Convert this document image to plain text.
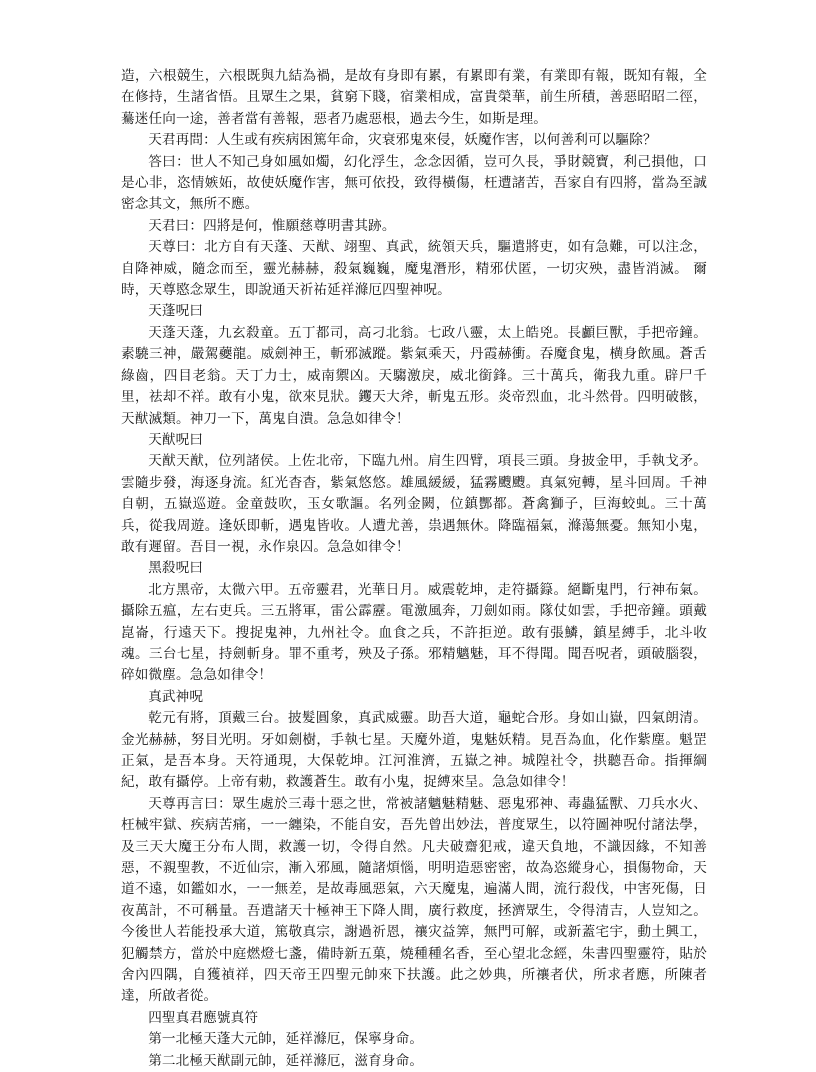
造，六根競生，六根既與九結為禍，是故有身即有累，有累即有業，有業即有報，既知有報，全在修持，生諸省悟。且眾生之果，貧窮下賤，宿業相成，富貴榮華，前生所積，善惡昭昭二徑，驀迷任向一途，善者當有善報，惡者乃處惡根，過去今生，如斯是理。

天君再問：人生或有疾病困篤年命，灾衰邪鬼來侵，妖魔作害，以何善利可以驅除？

答曰：世人不知己身如風如燭，幻化浮生，念念因循，豈可久長，爭財競寶，利己損他，口是心非，恣情嫉妬，故使妖魔作害，無可依投，致得橫傷，枉遭諸苦，吾家自有四將，當為至誠密念其文，無所不應。

天君曰：四將是何，惟願慈尊明書其跡。

天尊曰：北方自有天蓬、天猷、翊聖、真武，統領天兵，驅遣將吏，如有急難，可以注念，自降神威，隨念而至，靈光赫赫，殺氣巍巍，魔鬼潛形，精邪伏匿，一切灾殃，盡皆消滅。 爾時，天尊愍念眾生，即說通天祈祐延祥滌厄四聖神呪。

天蓬呪曰

天蓬天蓬，九玄殺童。五丁都司，高刁北翁。七政八靈，太上皓兇。長顱巨獸，手把帝鐘。素驍三神，嚴駕虁龍。威劍神王，斬邪滅蹤。紫氣乘天，丹霞赫衝。吞魔食鬼，横身飲風。蒼舌綠齒，四目老翁。天丁力士，威南禦凶。天騶激戾，威北銜鋒。三十萬兵，衛我九重。辟尸千里，祛却不祥。敢有小鬼，欲來見狀。钁天大斧，斬鬼五形。炎帝烈血，北斗然骨。四明破骸，天猷滅類。神刀一下，萬鬼自潰。急急如律令！

天猷呪曰

天猷天猷，位列諸侯。上佐北帝，下臨九州。肩生四臂，項長三頭。身披金甲，手執戈矛。雲隨步發，海逐身流。紅光杳杳，紫氣悠悠。雄風緩緩，猛霧颼颼。真氣宛轉，星斗回周。千神自朝，五嶽巡遊。金童鼓吹，玉女歌謳。名列金闕，位鎮酆都。蒼禽獅子，巨海蛟虬。三十萬兵，從我周遊。逢妖即斬，遇鬼皆收。人遭尤善，祟遇無休。降臨福氣，滌蕩無憂。無知小鬼，敢有遲留。吾目一視，永作泉囚。急急如律令！

黑殺呪曰

北方黑帝，太微六甲。五帝靈君，光華日月。威震乾坤，走符攝籙。絕斷鬼門，行神布氣。攝除五瘟，左右吏兵。三五將軍，雷公霹靂。電激風奔，刀劍如雨。隊仗如雲，手把帝鐘。頭戴崑崙，行遠天下。搜捉鬼神，九州社令。血食之兵，不許拒逆。敢有張鱗，鎮星縛手，北斗收魂。三台七星，持劍斬身。罪不重考，殃及子孫。邪精魑魅，耳不得聞。聞吾呪者，頭破腦裂，碎如微塵。急急如律令！

真武神呪

乾元有將，頂戴三台。披髮圓象，真武威靈。助吾大道，龜蛇合形。身如山嶽，四氣朗清。金光赫赫，努目光明。牙如劍樹，手執七星。天魔外道，鬼魅妖精。見吾為血，化作紫塵。魁罡正氣，是吾本身。天符通現，大保乾坤。江河淮濟，五嶽之神。城隍社令，拱聽吾命。指揮綱紀，敢有攝停。上帝有勅，救護蒼生。敢有小鬼，捉縛來呈。急急如律令！

天尊再言曰：眾生處於三毒十惡之世，常被諸魑魅精魅、惡鬼邪神、毒蟲猛獸、刀兵水火、枉械牢獄、疾病苦痛，一一纏染，不能自安，吾先曾出妙法，普度眾生，以符圖神呪付諸法學，及三天大魔王分布人間，救護一切，令得自然。凡夫破齋犯戒，違天負地，不識因緣，不知善惡，不親聖教，不近仙宗，漸入邪風，隨諸煩惱，明明造惡密密，故為恣縱身心，損傷物命，天道不遠，如鑑如水，一一無差，是故毒風惡氣，六天魔鬼，遍滿人間，流行殺伐，中害死傷，日夜萬計，不可稱量。吾遣諸天十極神王下降人間，廣行救度，拯濟眾生，令得清吉，人豈知之。今後世人若能投承大道，篤敬真宗，謝過祈恩，禳灾益筭，無門可解，或新蓋宅宇，動土興工，犯觸禁方，當於中庭燃燈七盞，備時新五菓，燒種種名香，至心望北念經，朱書四聖靈符，貼於舍內四隅，自獲禎祥，四天帝王四聖元帥來下扶護。此之妙典，所禳者伏，所求者應，所陳者達，所啟者從。

四聖真君應號真符

第一北極天蓬大元帥，延祥滌厄，保寧身命。

第二北極天猷副元帥，延祥滌厄，滋育身命。
